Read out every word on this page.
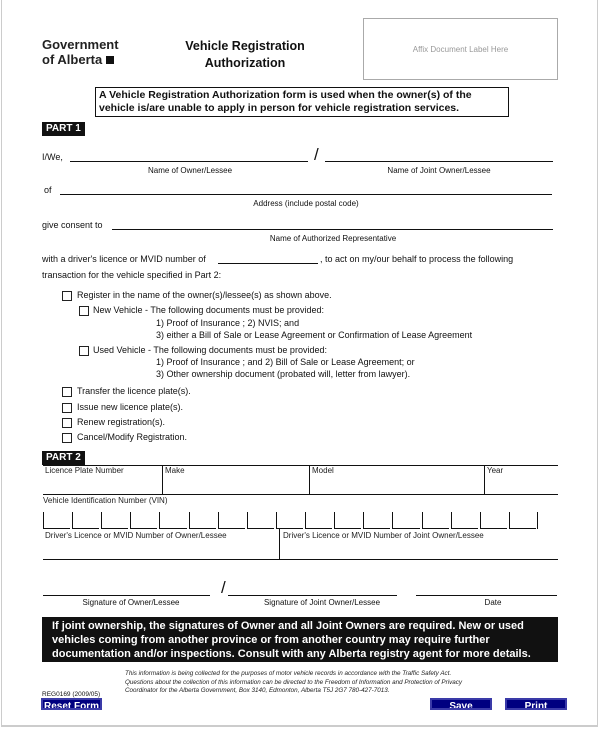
Government
of Alberta
Vehicle Registration
Authorization
Affix Document Label Here
A Vehicle Registration Authorization form is used when the owner(s) of the
vehicle is/are unable to apply in person for vehicle registration services.
PART 1
I/We,	/
Name of Owner/Lessee	Name of Joint Owner/Lessee
of
Address (include postal code)
give consent to
Name of Authorized Representative
with a driver's licence or MVID number of	, to act on my/our behalf to process the following
transaction for the vehicle specified in Part 2:
Register in the name of the owner(s)/lessee(s) as shown above.
New Vehicle - The following documents must be provided:
1) Proof of Insurance ; 2) NVIS; and
3) either a Bill of Sale or Lease Agreement or Confirmation of Lease Agreement
Used Vehicle - The following documents must be provided:
1) Proof of Insurance ; and 2) Bill of Sale or Lease Agreement; or
3) Other ownership document (probated will, letter from lawyer).
Transfer the licence plate(s).
Issue new licence plate(s).
Renew registration(s).
Cancel/Modify Registration.
PART 2
Licence Plate Number	Make	Model	Year
Vehicle Identification Number (VIN)
Driver's Licence or MVID Number of Owner/Lessee	Driver's Licence or MVID Number of Joint Owner/Lessee
/
Signature of Owner/Lessee	Signature of Joint Owner/Lessee	Date
If joint ownership, the signatures of Owner and all Joint Owners are required. New or used
vehicles coming from another province or from another country may require further
documentation and/or inspections. Consult with any Alberta registry agent for more details.
This information is being collected for the purposes of motor vehicle records in accordance with the Traffic Safety Act.
Questions about the collection of this information can be directed to the Freedom of Information and Protection of Privacy
Coordinator for the Alberta Government, Box 3140, Edmonton, Alberta T5J 2G7 780-427-7013.
REG0169 (2009/05)
Reset Form	Save	Print
